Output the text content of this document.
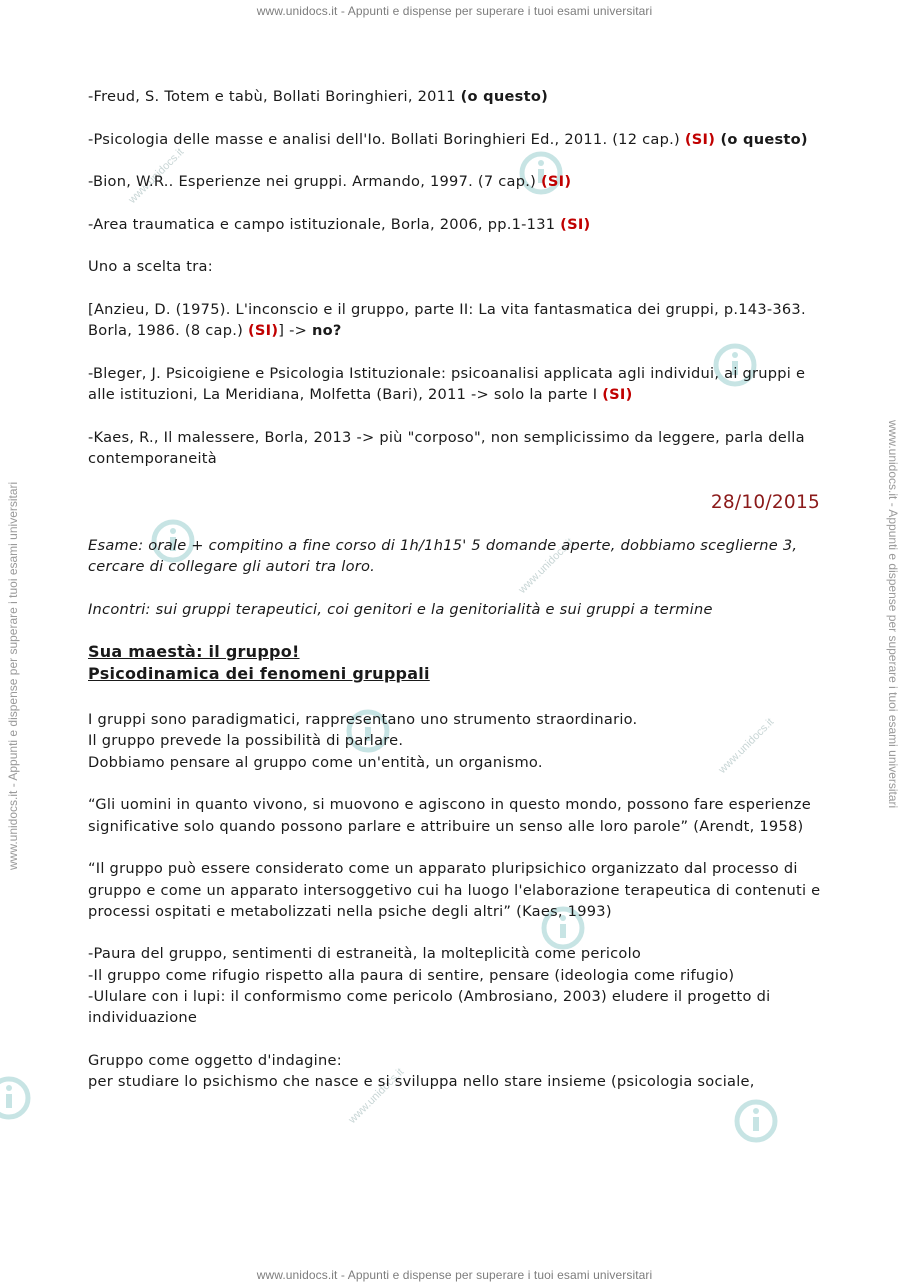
www.unidocs.it - Appunti e dispense per superare i tuoi esami universitari
www.unidocs.it - Appunti e dispense per superare i tuoi esami universitari	www.unidocs.it - Appunti e dispense per superare i tuoi esami universitari
www.unidocs.it
www.unidocs.it
www.unidocs.it
www.unidocs.it

-Freud, S. Totem e tabù, Bollati Boringhieri, 2011 (o questo)

-Psicologia delle masse e analisi dell'Io. Bollati Boringhieri Ed., 2011. (12 cap.) (SI) (o questo)

-Bion, W.R.. Esperienze nei gruppi. Armando, 1997. (7 cap.) (SI)

-Area traumatica e campo istituzionale, Borla, 2006, pp.1-131 (SI)

Uno a scelta tra:

[Anzieu, D. (1975). L'inconscio e il gruppo, parte II: La vita fantasmatica dei gruppi, p.143-363. Borla, 1986. (8 cap.) (SI)] -> no?

-Bleger, J. Psicoigiene e Psicologia Istituzionale: psicoanalisi applicata agli individui, ai gruppi e alle istituzioni, La Meridiana, Molfetta (Bari), 2011 -> solo la parte I (SI)

-Kaes, R., Il malessere, Borla, 2013 -> più "corposo", non semplicissimo da leggere, parla della contemporaneità

28/10/2015

Esame: orale + compitino a fine corso di 1h/1h15' 5 domande aperte, dobbiamo sceglierne 3, cercare di collegare gli autori tra loro.

Incontri: sui gruppi terapeutici, coi genitori e la genitorialità e sui gruppi a termine

Sua maestà: il gruppo!
Psicodinamica dei fenomeni gruppali

I gruppi sono paradigmatici, rappresentano uno strumento straordinario.
Il gruppo prevede la possibilità di parlare.
Dobbiamo pensare al gruppo come un'entità, un organismo.

“Gli uomini in quanto vivono, si muovono e agiscono in questo mondo, possono fare esperienze significative solo quando possono parlare e attribuire un senso alle loro parole” (Arendt, 1958)

“Il gruppo può essere considerato come un apparato pluripsichico organizzato dal processo di gruppo e come un apparato intersoggetivo cui ha luogo l'elaborazione terapeutica di contenuti e processi ospitati e metabolizzati nella psiche degli altri” (Kaes, 1993)

-Paura del gruppo, sentimenti di estraneità, la molteplicità come pericolo
-Il gruppo come rifugio rispetto alla paura di sentire, pensare (ideologia come rifugio)
-Ululare con i lupi: il conformismo come pericolo (Ambrosiano, 2003) eludere il progetto di individuazione

Gruppo come oggetto d'indagine:
per studiare lo psichismo che nasce e si sviluppa nello stare insieme (psicologia sociale,

www.unidocs.it - Appunti e dispense per superare i tuoi esami universitari
